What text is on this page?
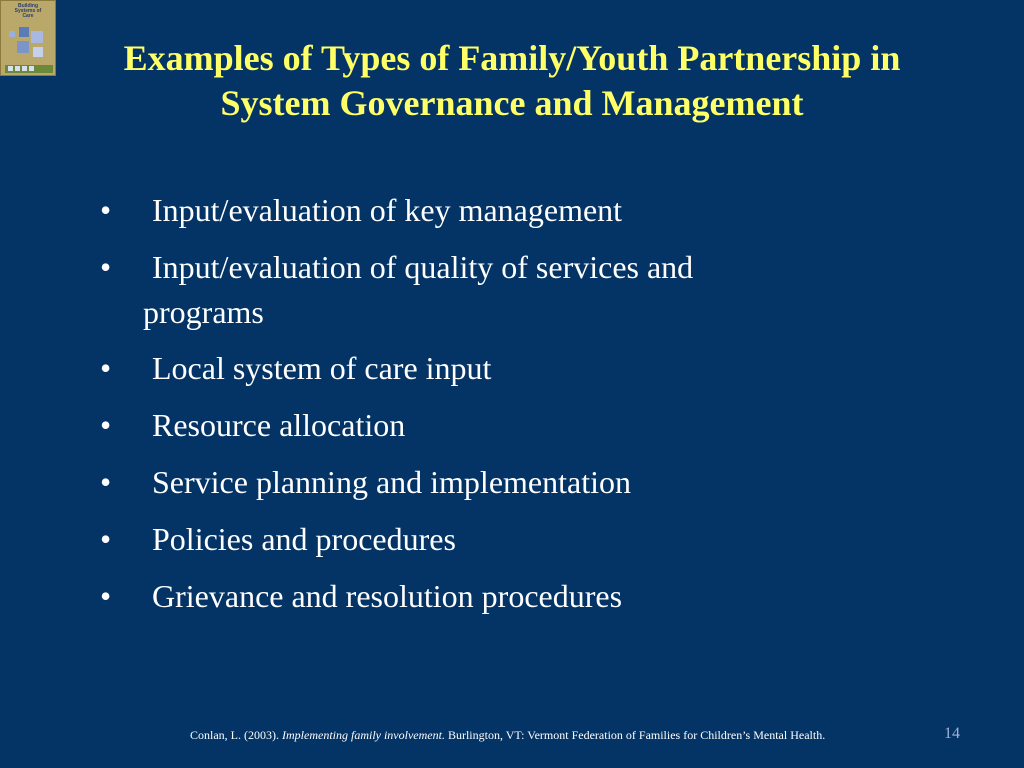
Building Systems of Care
Examples of Types of Family/Youth Partnership in
System Governance and Management
• Input/evaluation of key management
• Input/evaluation of quality of services and
programs
• Local system of care input
• Resource allocation
• Service planning and implementation
• Policies and procedures
• Grievance and resolution procedures
Conlan, L. (2003). Implementing family involvement. Burlington, VT: Vermont Federation of Families for Children’s Mental Health.	14
